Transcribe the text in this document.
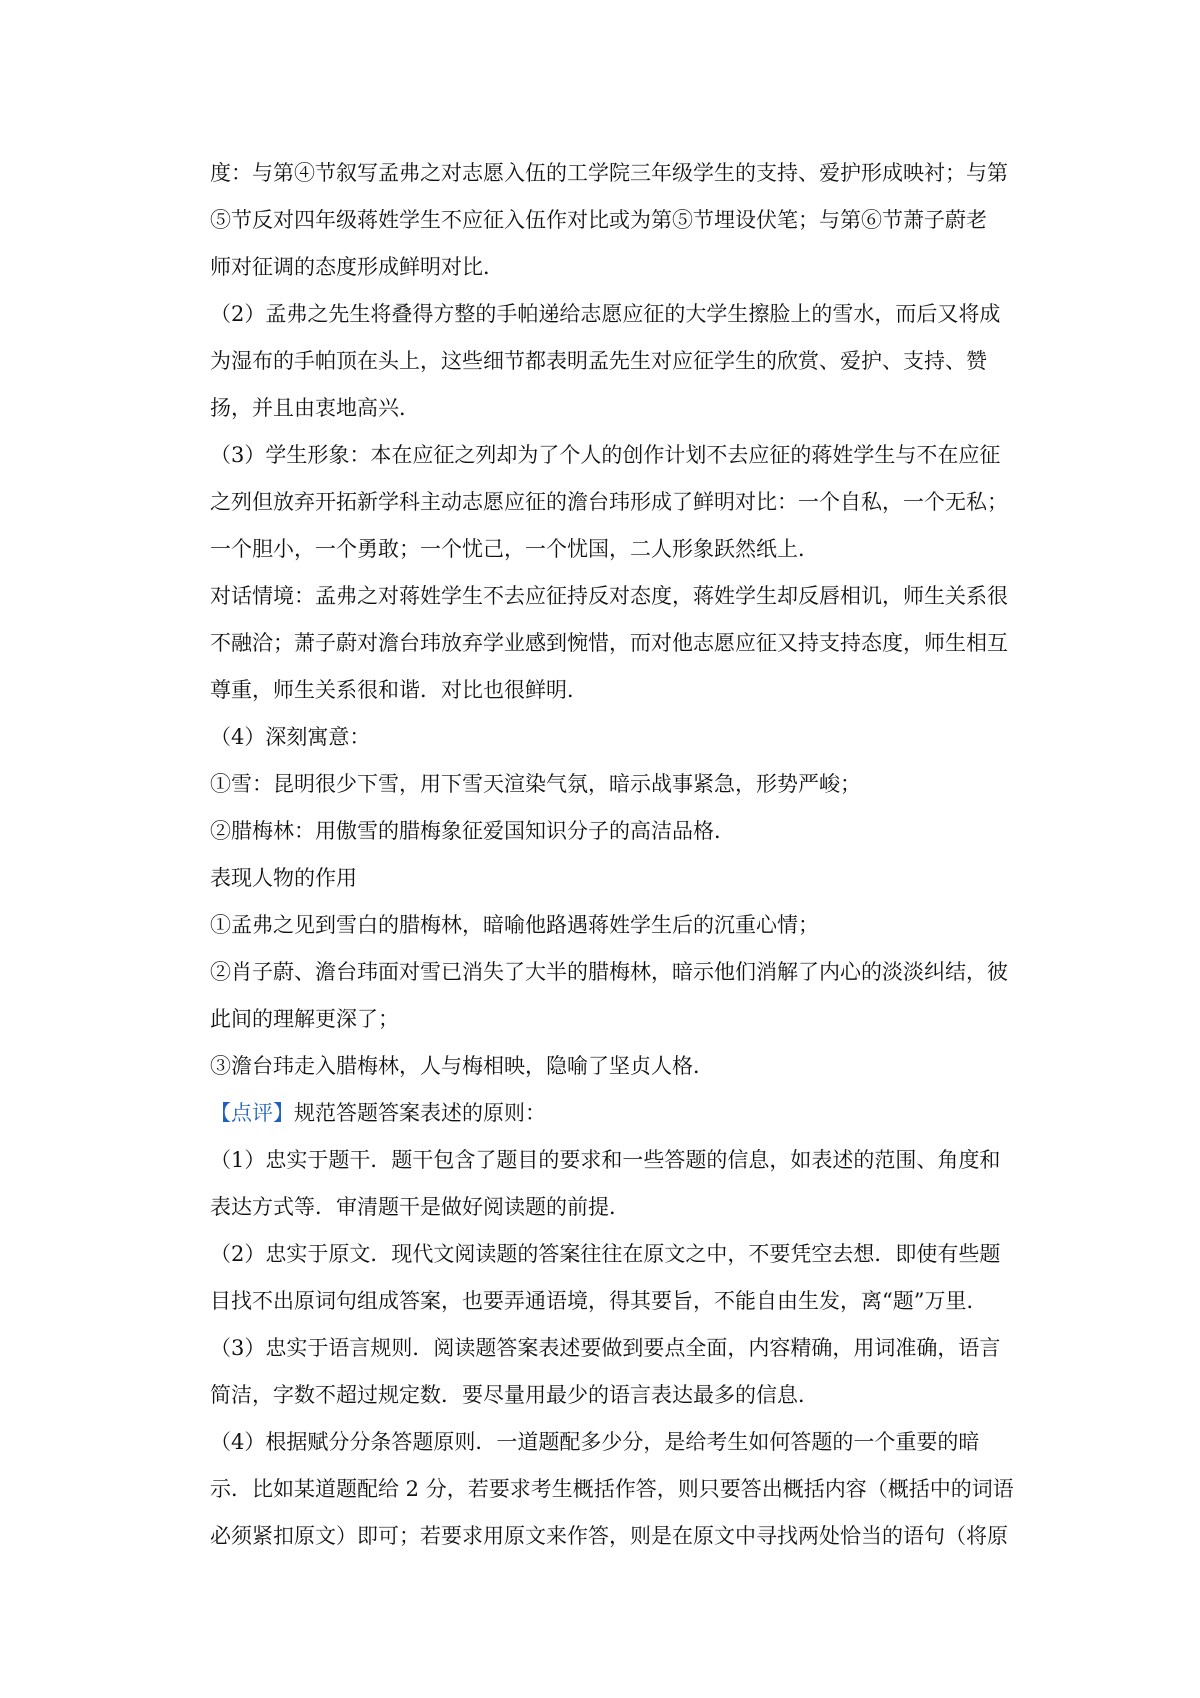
度：与第④节叙写孟弗之对志愿入伍的工学院三年级学生的支持、爱护形成映衬；与第
⑤节反对四年级蒋姓学生不应征入伍作对比或为第⑤节埋设伏笔；与第⑥节萧子蔚老
师对征调的态度形成鲜明对比．
（2）孟弗之先生将叠得方整的手帕递给志愿应征的大学生擦脸上的雪水，而后又将成
为湿布的手帕顶在头上，这些细节都表明孟先生对应征学生的欣赏、爱护、支持、赞
扬，并且由衷地高兴．
（3）学生形象：本在应征之列却为了个人的创作计划不去应征的蒋姓学生与不在应征
之列但放弃开拓新学科主动志愿应征的澹台玮形成了鲜明对比：一个自私，一个无私；
一个胆小，一个勇敢；一个忧己，一个忧国，二人形象跃然纸上．
对话情境：孟弗之对蒋姓学生不去应征持反对态度，蒋姓学生却反唇相讥，师生关系很
不融洽；萧子蔚对澹台玮放弃学业感到惋惜，而对他志愿应征又持支持态度，师生相互
尊重，师生关系很和谐．对比也很鲜明．
（4）深刻寓意：
①雪：昆明很少下雪，用下雪天渲染气氛，暗示战事紧急，形势严峻；
②腊梅林：用傲雪的腊梅象征爱国知识分子的高洁品格．
表现人物的作用
①孟弗之见到雪白的腊梅林，暗喻他路遇蒋姓学生后的沉重心情；
②肖子蔚、澹台玮面对雪已消失了大半的腊梅林，暗示他们消解了内心的淡淡纠结，彼
此间的理解更深了；
③澹台玮走入腊梅林，人与梅相映，隐喻了坚贞人格．
【点评】规范答题答案表述的原则：
（1）忠实于题干．题干包含了题目的要求和一些答题的信息，如表述的范围、角度和
表达方式等．审清题干是做好阅读题的前提．
（2）忠实于原文．现代文阅读题的答案往往在原文之中，不要凭空去想．即使有些题
目找不出原词句组成答案，也要弄通语境，得其要旨，不能自由生发，离“题”万里．
（3）忠实于语言规则．阅读题答案表述要做到要点全面，内容精确，用词准确，语言
简洁，字数不超过规定数．要尽量用最少的语言表达最多的信息．
（4）根据赋分分条答题原则．一道题配多少分，是给考生如何答题的一个重要的暗
示．比如某道题配给 2 分，若要求考生概括作答，则只要答出概括内容（概括中的词语
必须紧扣原文）即可；若要求用原文来作答，则是在原文中寻找两处恰当的语句（将原
